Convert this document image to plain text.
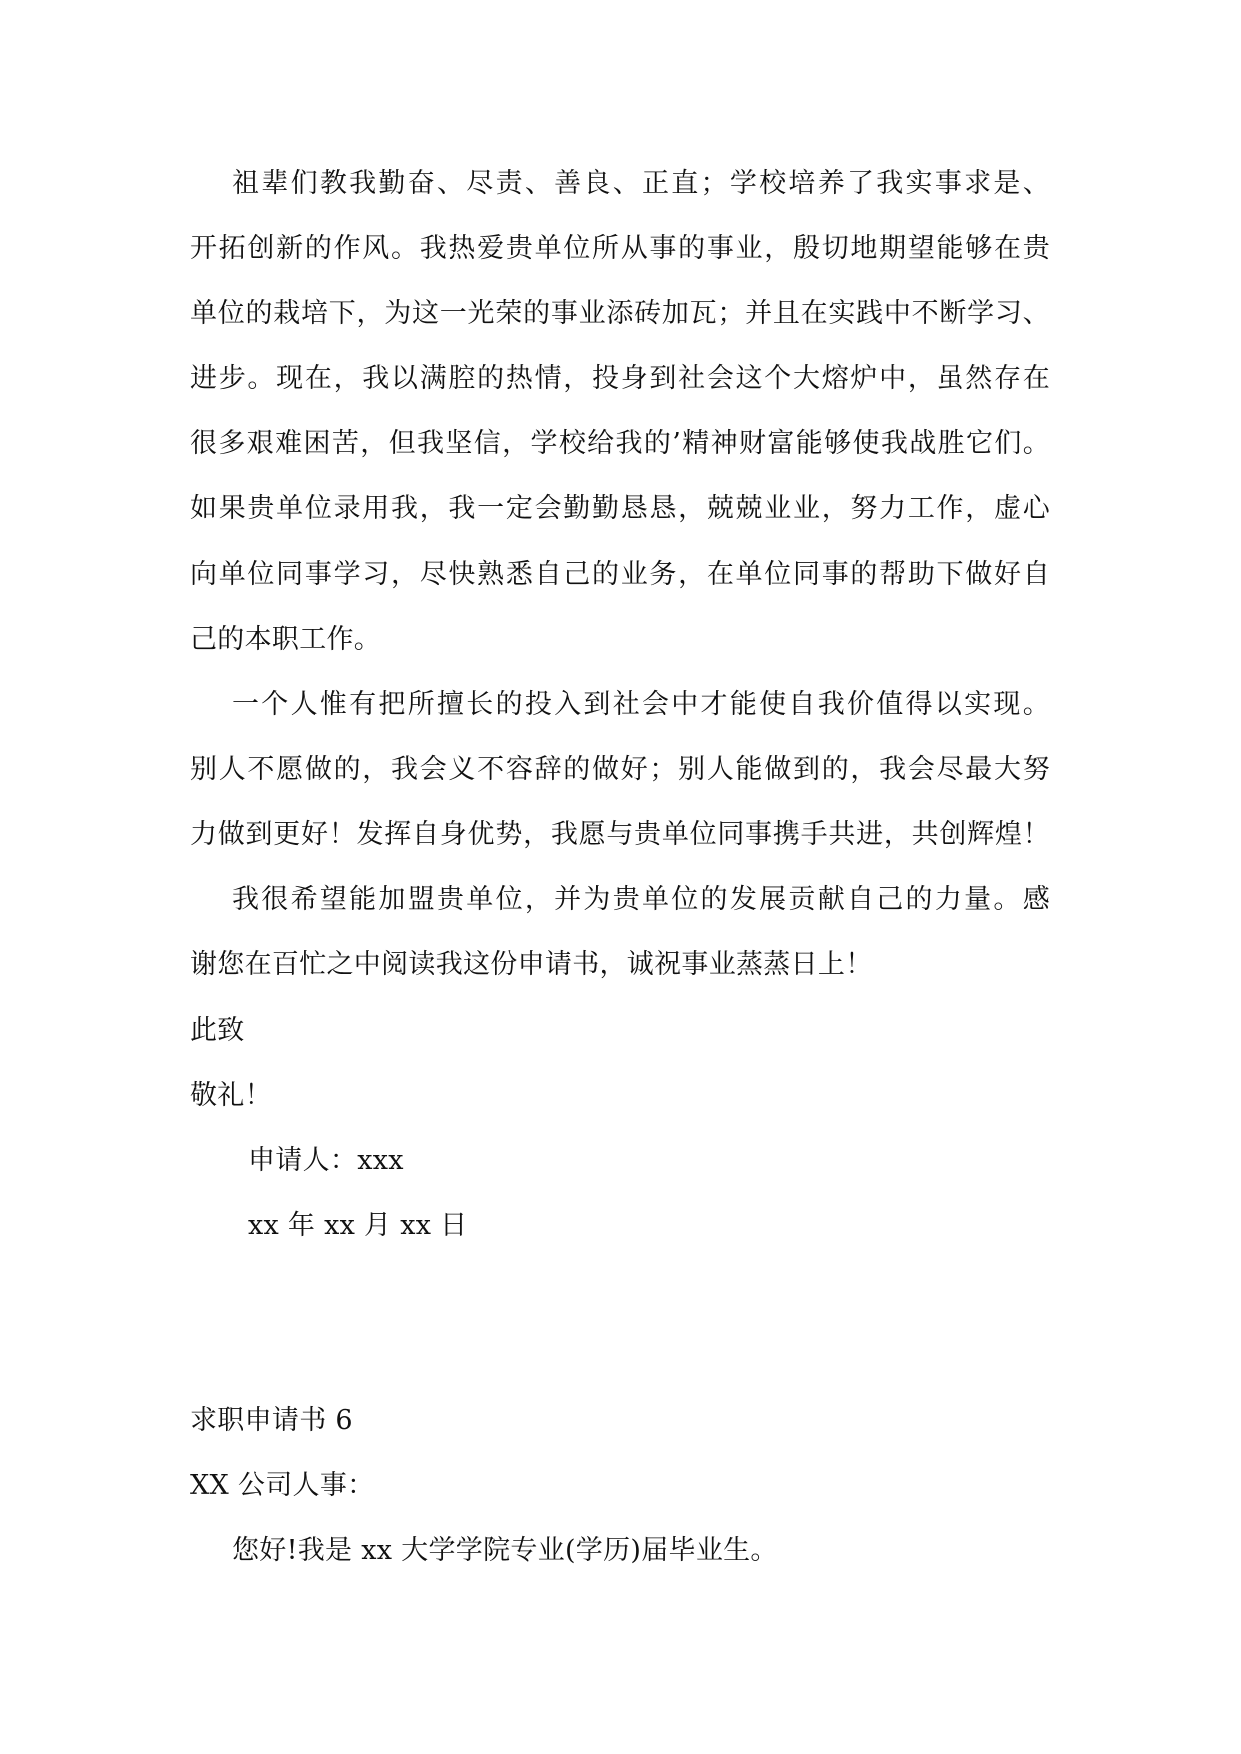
祖辈们教我勤奋、尽责、善良、正直；学校培养了我实事求是、
开拓创新的作风。我热爱贵单位所从事的事业，殷切地期望能够在贵
单位的栽培下，为这一光荣的事业添砖加瓦；并且在实践中不断学习、
进步。现在，我以满腔的热情，投身到社会这个大熔炉中，虽然存在
很多艰难困苦，但我坚信，学校给我的’精神财富能够使我战胜它们。
如果贵单位录用我，我一定会勤勤恳恳，兢兢业业，努力工作，虚心
向单位同事学习，尽快熟悉自己的业务，在单位同事的帮助下做好自
己的本职工作。
一个人惟有把所擅长的投入到社会中才能使自我价值得以实现。
别人不愿做的，我会义不容辞的做好；别人能做到的，我会尽最大努
力做到更好！发挥自身优势，我愿与贵单位同事携手共进，共创辉煌！
我很希望能加盟贵单位，并为贵单位的发展贡献自己的力量。感
谢您在百忙之中阅读我这份申请书，诚祝事业蒸蒸日上！
此致
敬礼！
申请人：xxx
xx 年 xx 月 xx 日
求职申请书 6
XX 公司人事：
您好!我是 xx 大学学院专业(学历)届毕业生。
